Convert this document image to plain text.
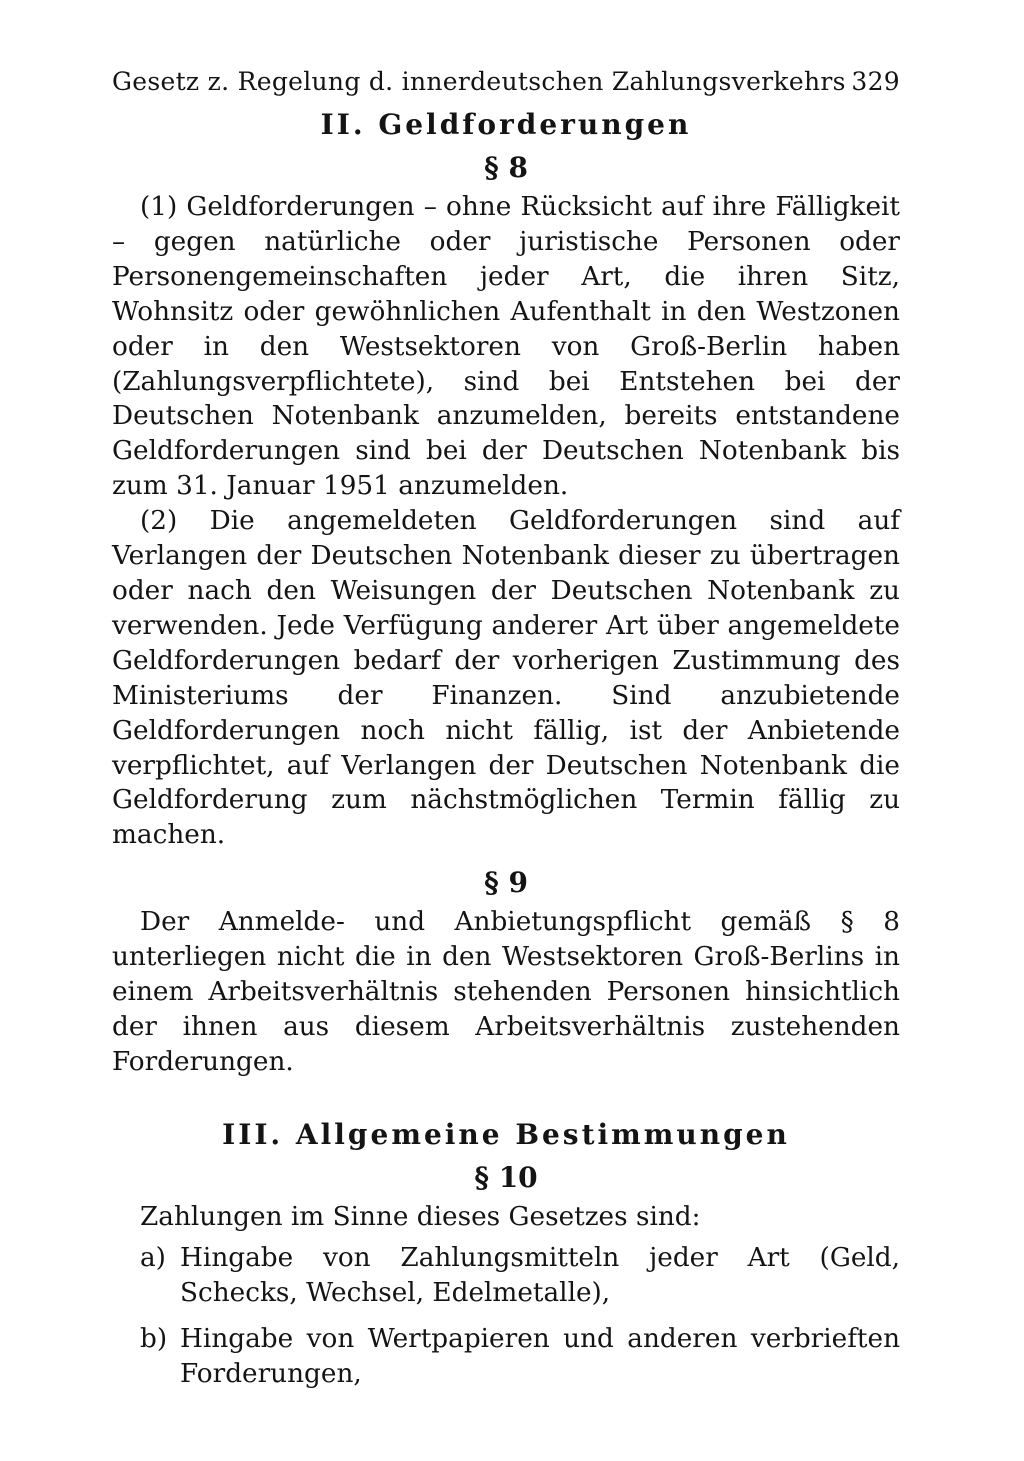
Gesetz z. Regelung d. innerdeutschen Zahlungsverkehrs 329
II. Geldforderungen
§ 8

(1) Geldforderungen – ohne Rücksicht auf ihre Fälligkeit – gegen natürliche oder juristische Personen oder Personengemeinschaften jeder Art, die ihren Sitz, Wohnsitz oder gewöhnlichen Aufenthalt in den Westzonen oder in den Westsektoren von Groß-Berlin haben (Zahlungsverpflichtete), sind bei Entstehen bei der Deutschen Notenbank anzumelden, bereits entstandene Geldforderungen sind bei der Deutschen Notenbank bis zum 31. Januar 1951 anzumelden.

(2) Die angemeldeten Geldforderungen sind auf Verlangen der Deutschen Notenbank dieser zu übertragen oder nach den Weisungen der Deutschen Notenbank zu verwenden. Jede Verfügung anderer Art über angemeldete Geldforderungen bedarf der vorherigen Zustimmung des Ministeriums der Finanzen. Sind anzubietende Geldforderungen noch nicht fällig, ist der Anbietende verpflichtet, auf Verlangen der Deutschen Notenbank die Geldforderung zum nächstmöglichen Termin fällig zu machen.

§ 9

Der Anmelde- und Anbietungspflicht gemäß § 8 unterliegen nicht die in den Westsektoren Groß-Berlins in einem Arbeitsverhältnis stehenden Personen hinsichtlich der ihnen aus diesem Arbeitsverhältnis zustehenden Forderungen.

III. Allgemeine Bestimmungen
§ 10

Zahlungen im Sinne dieses Gesetzes sind:

a) Hingabe von Zahlungsmitteln jeder Art (Geld, Schecks, Wechsel, Edelmetalle),
b) Hingabe von Wertpapieren und anderen verbrieften Forderungen,
